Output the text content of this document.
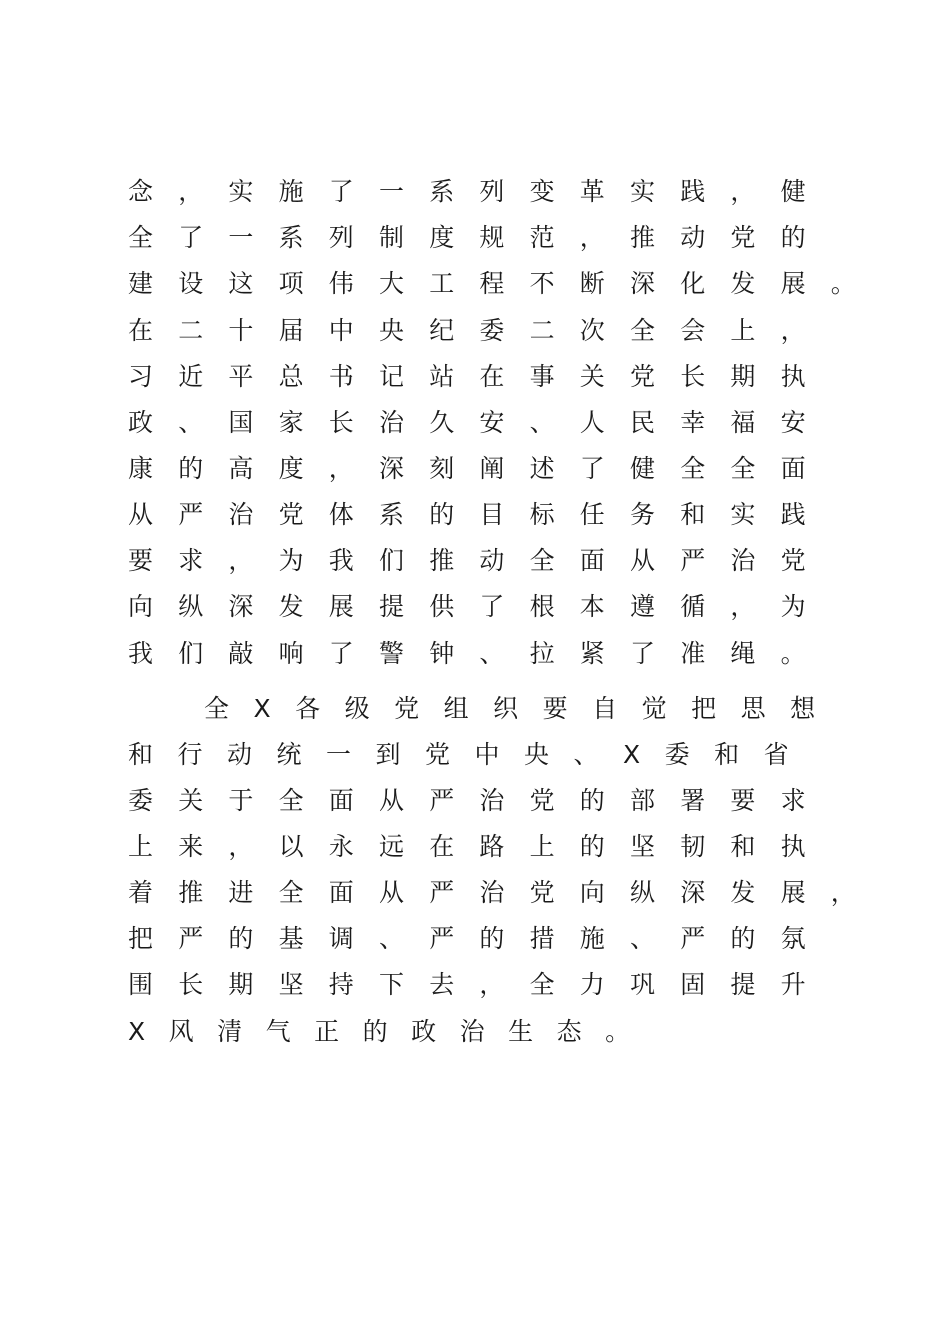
念，实施了一系列变革实践，健
全了一系列制度规范，推动党的
建设这项伟大工程不断深化发展。
在二十届中央纪委二次全会上，
习近平总书记站在事关党长期执
政、国家长治久安、人民幸福安
康的高度，深刻阐述了健全全面
从严治党体系的目标任务和实践
要求，为我们推动全面从严治党
向纵深发展提供了根本遵循，为
我们敲响了警钟、拉紧了准绳。
全X各级党组织要自觉把思想
和行动统一到党中央、X委和省
委关于全面从严治党的部署要求
上来，以永远在路上的坚韧和执
着推进全面从严治党向纵深发展，
把严的基调、严的措施、严的氛
围长期坚持下去，全力巩固提升
X风清气正的政治生态。
